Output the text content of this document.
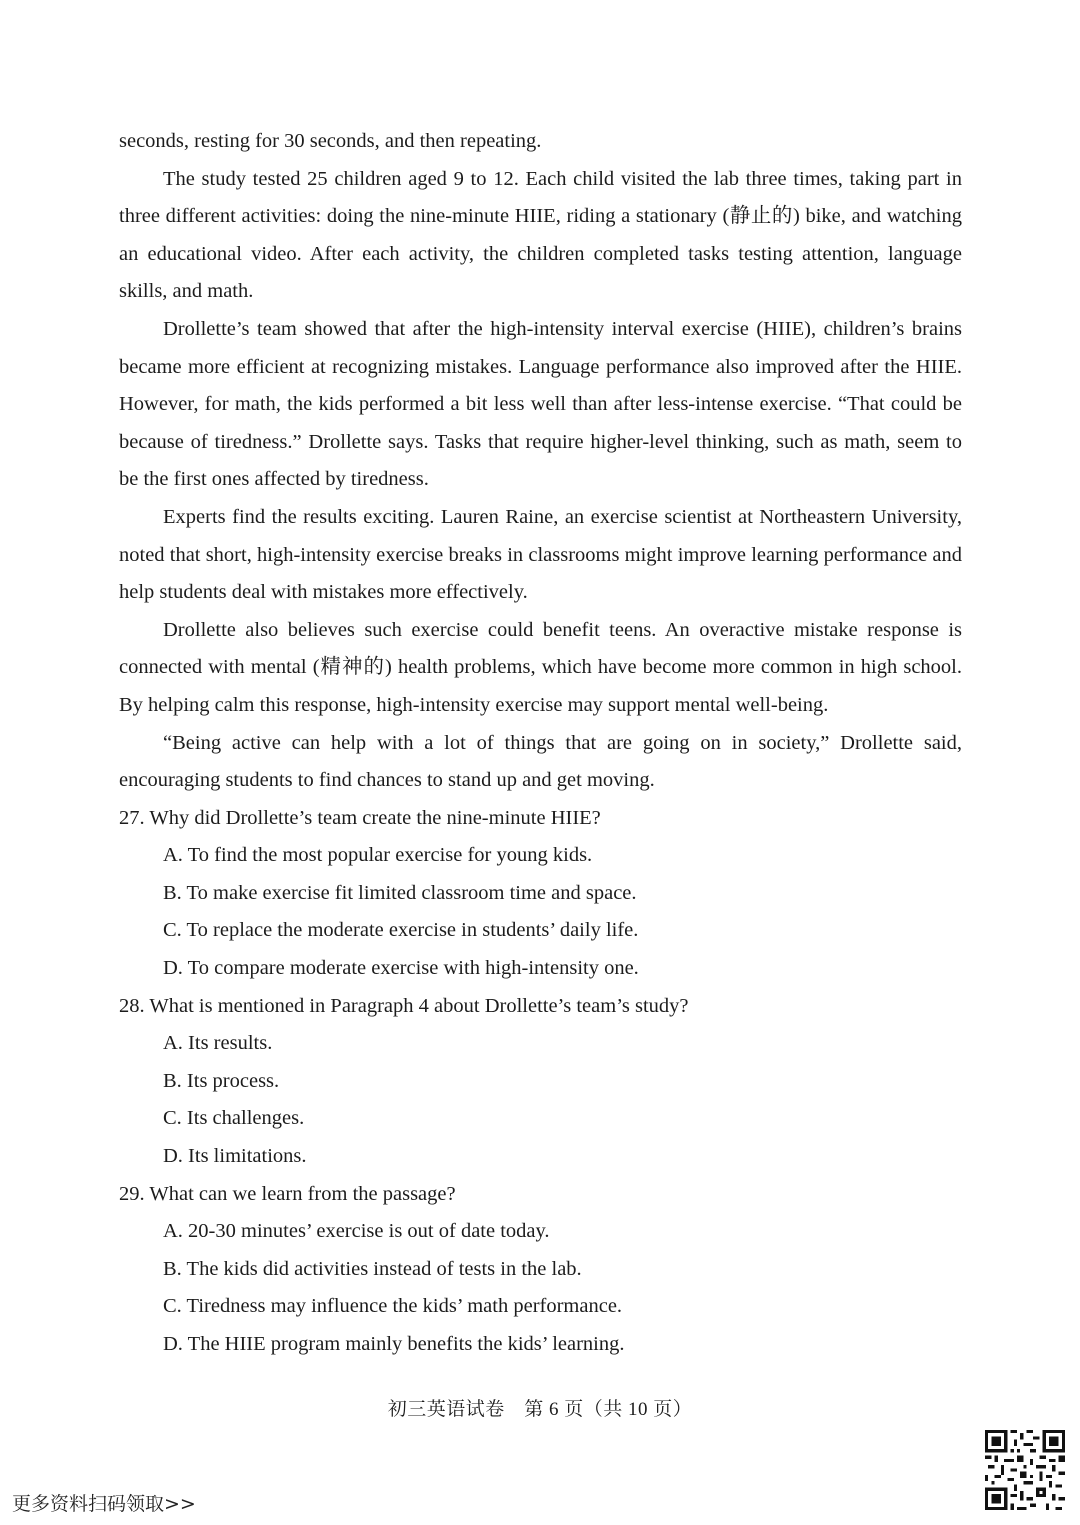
seconds, resting for 30 seconds, and then repeating.

The study tested 25 children aged 9 to 12. Each child visited the lab three times, taking part in three different activities: doing the nine-minute HIIE, riding a stationary (静止的) bike, and watching an educational video. After each activity, the children completed tasks testing attention, language skills, and math.

Drollette’s team showed that after the high-intensity interval exercise (HIIE), children’s brains became more efficient at recognizing mistakes. Language performance also improved after the HIIE. However, for math, the kids performed a bit less well than after less-intense exercise. “That could be because of tiredness.” Drollette says. Tasks that require higher-level thinking, such as math, seem to be the first ones affected by tiredness.

Experts find the results exciting. Lauren Raine, an exercise scientist at Northeastern University, noted that short, high-intensity exercise breaks in classrooms might improve learning performance and help students deal with mistakes more effectively.

Drollette also believes such exercise could benefit teens. An overactive mistake response is connected with mental (精神的) health problems, which have become more common in high school. By helping calm this response, high-intensity exercise may support mental well-being.

“Being active can help with a lot of things that are going on in society,” Drollette said, encouraging students to find chances to stand up and get moving.

27. Why did Drollette’s team create the nine-minute HIIE?

A. To find the most popular exercise for young kids.

B. To make exercise fit limited classroom time and space.

C. To replace the moderate exercise in students’ daily life.

D. To compare moderate exercise with high-intensity one.

28. What is mentioned in Paragraph 4 about Drollette’s team’s study?

A. Its results.

B. Its process.

C. Its challenges.

D. Its limitations.

29. What can we learn from the passage?

A. 20-30 minutes’ exercise is out of date today.

B. The kids did activities instead of tests in the lab.

C. Tiredness may influence the kids’ math performance.

D. The HIIE program mainly benefits the kids’ learning.

初三英语试卷　第 6 页（共 10 页）
更多资料扫码领取>>
